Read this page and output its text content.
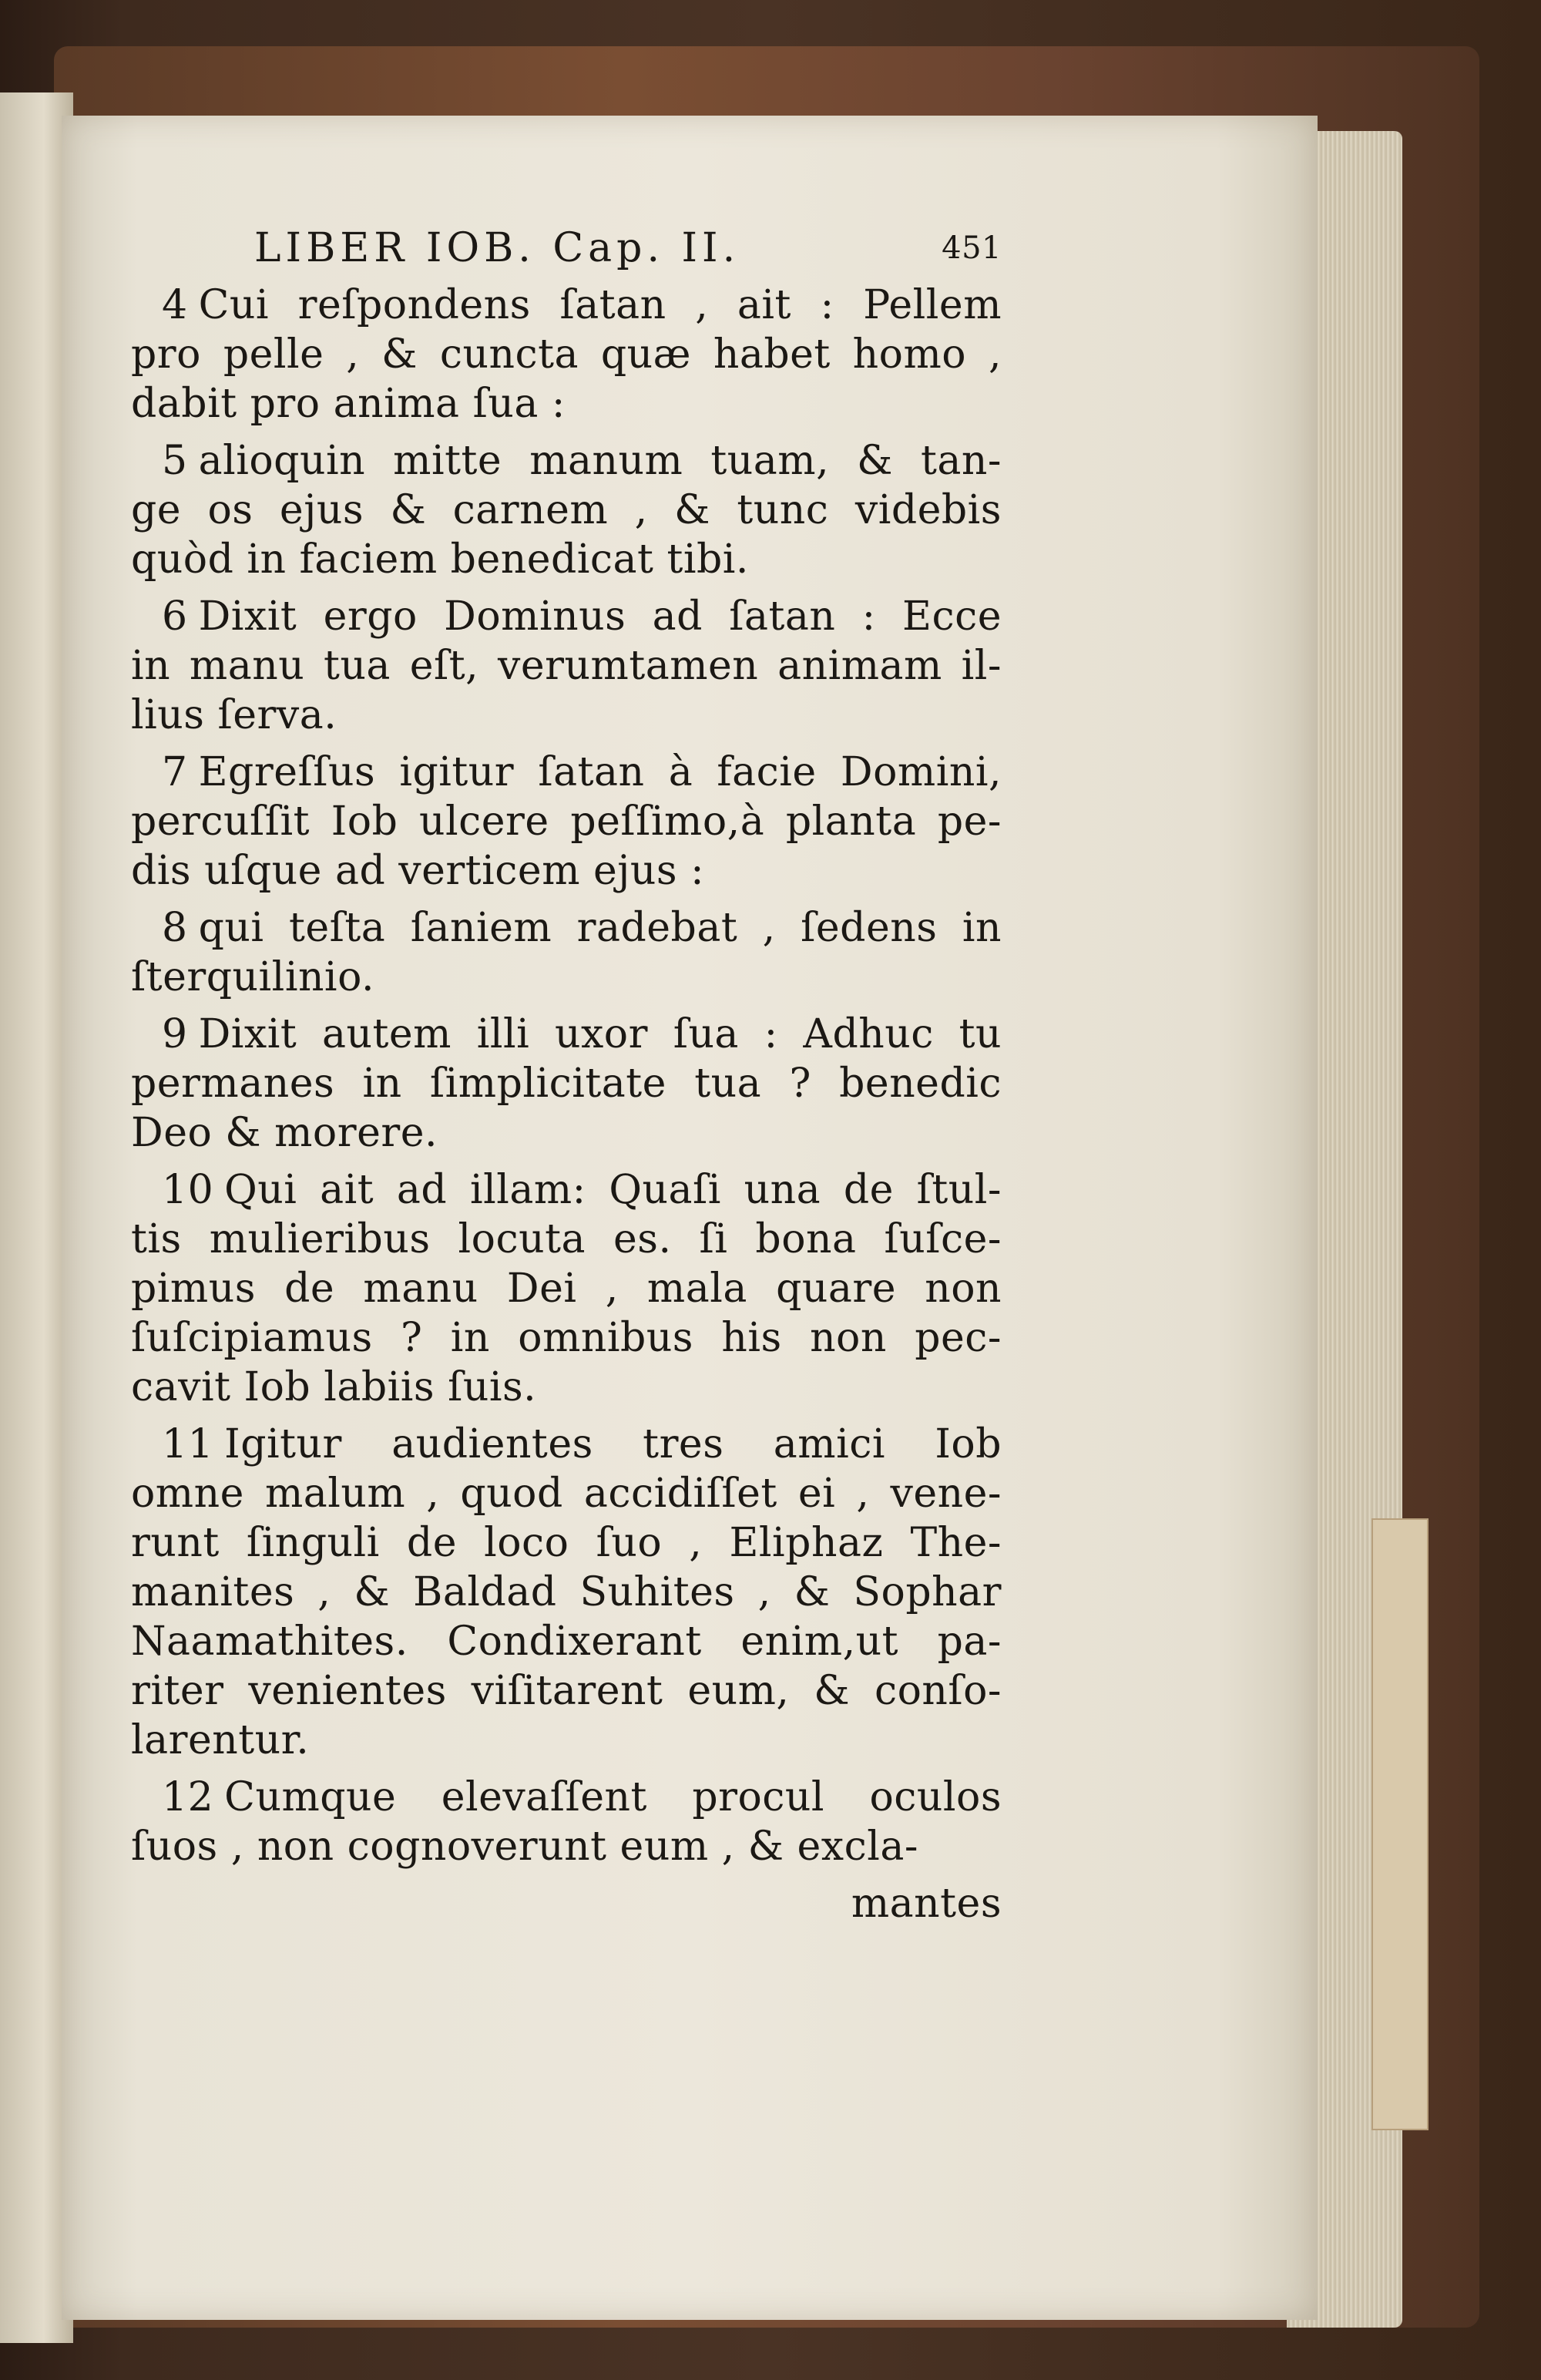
LIBER IOB. Cap. II.	451
4 Cui reſpondens ſatan , ait : Pellem
pro pelle , & cuncta quæ habet homo ,
dabit pro anima ſua :
5 alioquin mitte manum tuam, & tan-
ge os ejus & carnem , & tunc videbis
quòd in faciem benedicat tibi.
6 Dixit ergo Dominus ad ſatan : Ecce
in manu tua eſt, verumtamen animam il-
lius ſerva.
7 Egreſſus igitur ſatan à facie Domini,
percuſſit Iob ulcere peſſimo,à planta pe-
dis uſque ad verticem ejus :
8 qui teſta ſaniem radebat , ſedens in
ſterquilinio.
9 Dixit autem illi uxor ſua : Adhuc tu
permanes in ſimplicitate tua ? benedic
Deo & morere.
10 Qui ait ad illam: Quaſi una de ſtul-
tis mulieribus locuta es. ſi bona ſuſce-
pimus de manu Dei , mala quare non
ſuſcipiamus ? in omnibus his non pec-
cavit Iob labiis ſuis.
11 Igitur audientes tres amici Iob
omne malum , quod accidiſſet ei , vene-
runt ſinguli de loco ſuo , Eliphaz The-
manites , & Baldad Suhites , & Sophar
Naamathites. Condixerant enim,ut pa-
riter venientes viſitarent eum, & conſo-
larentur.
12 Cumque elevaſſent procul oculos
ſuos , non cognoverunt eum , & excla-
mantes
